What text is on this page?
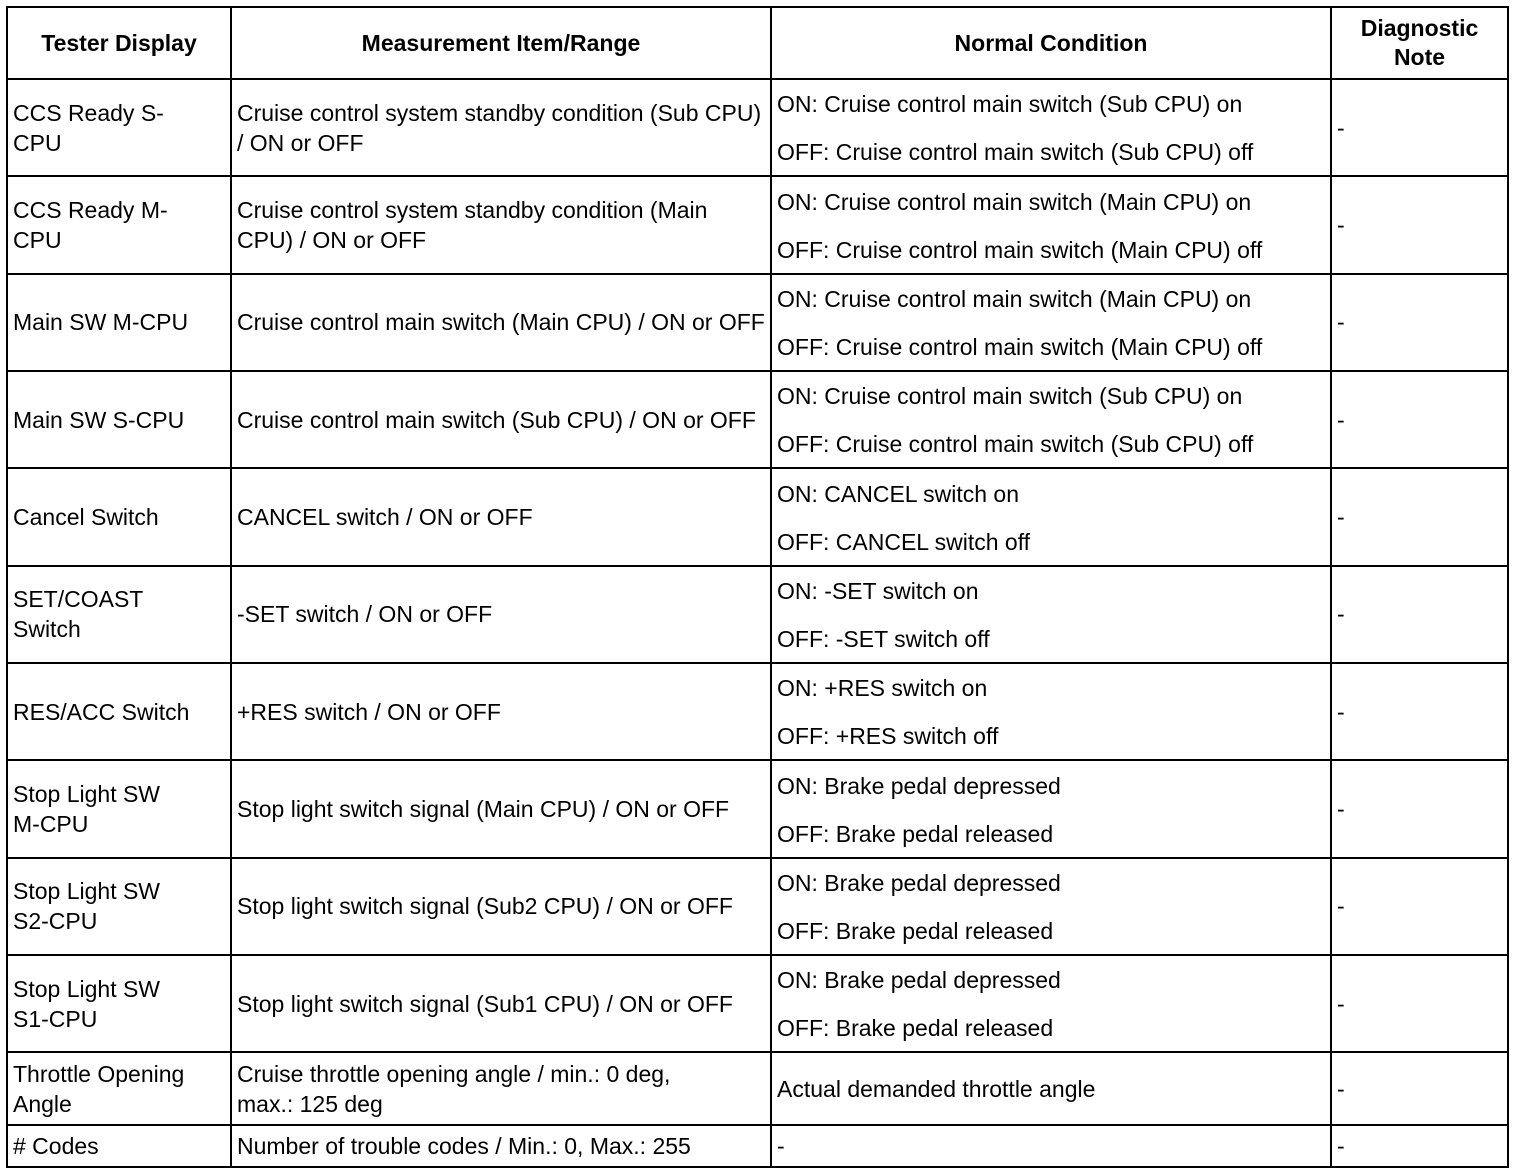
Tester Display	Measurement Item/Range	Normal Condition	Diagnostic Note
CCS Ready S-CPU	Cruise control system standby condition (Sub CPU) / ON or OFF	ON: Cruise control main switch (Sub CPU) on
OFF: Cruise control main switch (Sub CPU) off	-
CCS Ready M-CPU	Cruise control system standby condition (Main CPU) / ON or OFF	ON: Cruise control main switch (Main CPU) on
OFF: Cruise control main switch (Main CPU) off	-
Main SW M-CPU	Cruise control main switch (Main CPU) / ON or OFF	ON: Cruise control main switch (Main CPU) on
OFF: Cruise control main switch (Main CPU) off	-
Main SW S-CPU	Cruise control main switch (Sub CPU) / ON or OFF	ON: Cruise control main switch (Sub CPU) on
OFF: Cruise control main switch (Sub CPU) off	-
Cancel Switch	CANCEL switch / ON or OFF	ON: CANCEL switch on
OFF: CANCEL switch off	-
SET/COAST Switch	-SET switch / ON or OFF	ON: -SET switch on
OFF: -SET switch off	-
RES/ACC Switch	+RES switch / ON or OFF	ON: +RES switch on
OFF: +RES switch off	-
Stop Light SW M-CPU	Stop light switch signal (Main CPU) / ON or OFF	ON: Brake pedal depressed
OFF: Brake pedal released	-
Stop Light SW S2-CPU	Stop light switch signal (Sub2 CPU) / ON or OFF	ON: Brake pedal depressed
OFF: Brake pedal released	-
Stop Light SW S1-CPU	Stop light switch signal (Sub1 CPU) / ON or OFF	ON: Brake pedal depressed
OFF: Brake pedal released	-
Throttle Opening Angle	Cruise throttle opening angle / min.: 0 deg, max.: 125 deg	Actual demanded throttle angle	-
# Codes	Number of trouble codes / Min.: 0, Max.: 255	-	-
